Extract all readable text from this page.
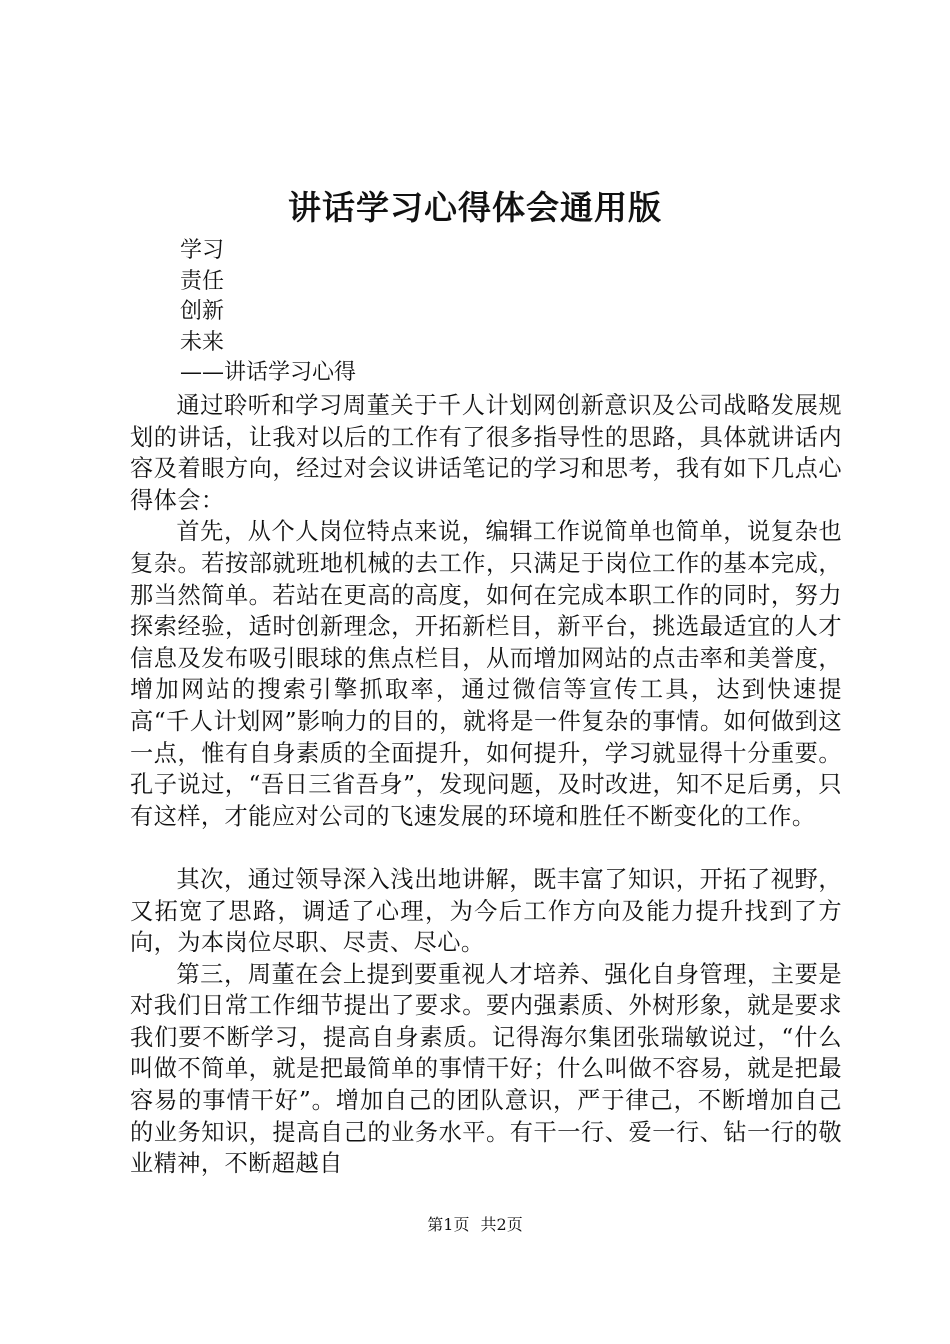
讲话学习心得体会通用版
学习
责任
创新
未来
——讲话学习心得

通过聆听和学习周董关于千人计划网创新意识及公司战略发展规划的讲话，让我对以后的工作有了很多指导性的思路，具体就讲话内容及着眼方向，经过对会议讲话笔记的学习和思考，我有如下几点心得体会：

首先，从个人岗位特点来说，编辑工作说简单也简单，说复杂也复杂。若按部就班地机械的去工作，只满足于岗位工作的基本完成，那当然简单。若站在更高的高度，如何在完成本职工作的同时，努力探索经验，适时创新理念，开拓新栏目，新平台，挑选最适宜的人才信息及发布吸引眼球的焦点栏目，从而增加网站的点击率和美誉度，增加网站的搜索引擎抓取率，通过微信等宣传工具，达到快速提高“千人计划网”影响力的目的，就将是一件复杂的事情。如何做到这一点，惟有自身素质的全面提升，如何提升，学习就显得十分重要。孔子说过，“吾日三省吾身”，发现问题，及时改进，知不足后勇，只有这样，才能应对公司的飞速发展的环境和胜任不断变化的工作。

其次，通过领导深入浅出地讲解，既丰富了知识，开拓了视野，又拓宽了思路，调适了心理，为今后工作方向及能力提升找到了方向，为本岗位尽职、尽责、尽心。

第三，周董在会上提到要重视人才培养、强化自身管理，主要是对我们日常工作细节提出了要求。要内强素质、外树形象，就是要求我们要不断学习，提高自身素质。记得海尔集团张瑞敏说过，“什么叫做不简单，就是把最简单的事情干好；什么叫做不容易，就是把最容易的事情干好”。增加自己的团队意识，严于律己，不断增加自己的业务知识，提高自己的业务水平。有干一行、爱一行、钻一行的敬业精神，不断超越自

第1页 共2页
